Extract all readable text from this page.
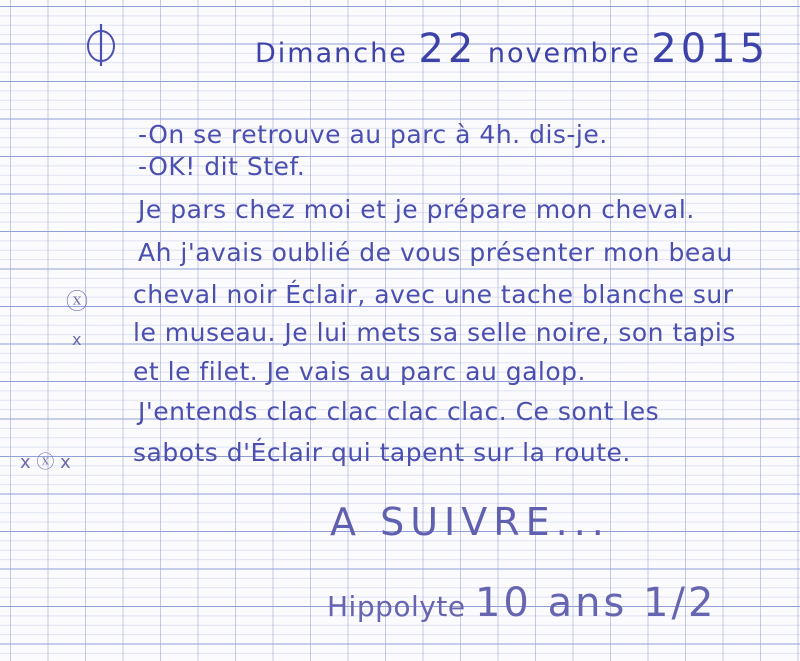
Dimanche 22 novembre 2015
-On se retrouve au parc à 4h. dis-je.
-OK! dit Stef.
Je pars chez moi et je prépare mon cheval.
Ah j'avais oublié de vous présenter mon beau
cheval noir Éclair, avec une tache blanche sur
le museau. Je lui mets sa selle noire, son tapis
et le filet. Je vais au parc au galop.
J'entends clac clac clac clac. Ce sont les
sabots d'Éclair qui tapent sur la route.
ⓧ
x
x ⓧ x
A SUIVRE...
Hippolyte 10 ans 1/2
